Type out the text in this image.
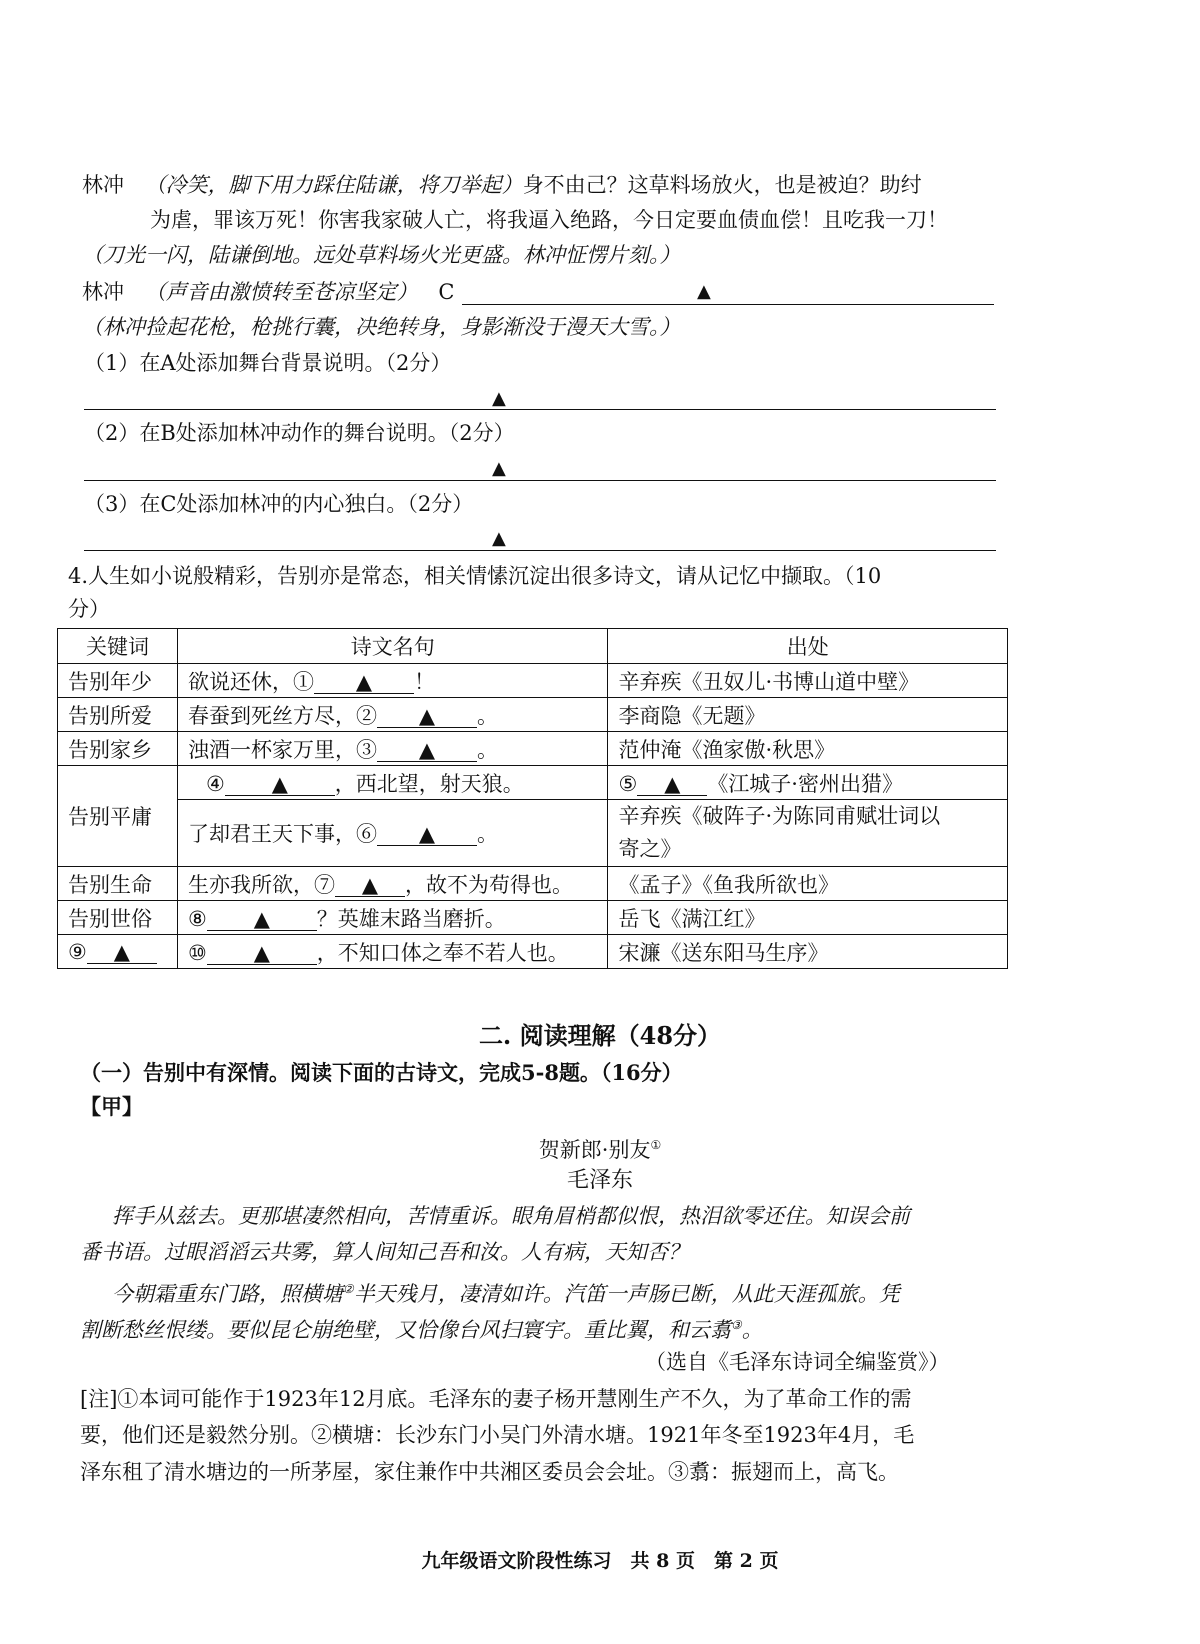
林冲 （冷笑，脚下用力踩住陆谦，将刀举起）身不由己？这草料场放火，也是被迫？助纣
为虐，罪该万死！你害我家破人亡，将我逼入绝路，今日定要血债血偿！且吃我一刀！
（刀光一闪，陆谦倒地。远处草料场火光更盛。林冲怔愣片刻。）
林冲 （声音由激愤转至苍凉坚定） C	▲
（林冲捡起花枪，枪挑行囊，决绝转身，身影渐没于漫天大雪。）
（1）在A处添加舞台背景说明。（2分）
▲
（2）在B处添加林冲动作的舞台说明。（2分）
▲
（3）在C处添加林冲的内心独白。（2分）
▲
4.人生如小说般精彩，告别亦是常态，相关情愫沉淀出很多诗文，请从记忆中撷取。（10
分）
关键词	诗文名句	出处
告别年少	欲说还休，① ▲ ！	辛弃疾《丑奴儿·书博山道中壁》
告别所爱	春蚕到死丝方尽，② ▲ 。	李商隐《无题》
告别家乡	浊酒一杯家万里，③ ▲ 。	范仲淹《渔家傲·秋思》
告别平庸	④ ▲ ，西北望，射天狼。	⑤ ▲ 《江城子·密州出猎》
	了却君王天下事，⑥ ▲ 。	辛弃疾《破阵子·为陈同甫赋壮词以
寄之》
告别生命	生亦我所欲，⑦ ▲ ，故不为苟得也。	《孟子》《鱼我所欲也》
告别世俗	⑧ ▲ ？英雄末路当磨折。	岳飞《满江红》
⑨ ▲	⑩ ▲ ，不知口体之奉不若人也。	宋濂《送东阳马生序》
二. 阅读理解（48分）
（一）告别中有深情。阅读下面的古诗文，完成5-8题。（16分）
【甲】
贺新郎·别友①
毛泽东
挥手从兹去。更那堪凄然相向，苦情重诉。眼角眉梢都似恨，热泪欲零还住。知误会前
番书语。过眼滔滔云共雾，算人间知己吾和汝。人有病，天知否？
今朝霜重东门路，照横塘②半天残月，凄清如许。汽笛一声肠已断，从此天涯孤旅。凭
割断愁丝恨缕。要似昆仑崩绝壁，又恰像台风扫寰宇。重比翼，和云翥③。
（选自《毛泽东诗词全编鉴赏》）
[注]①本词可能作于1923年12月底。毛泽东的妻子杨开慧刚生产不久，为了革命工作的需
要，他们还是毅然分别。②横塘：长沙东门小吴门外清水塘。1921年冬至1923年4月，毛
泽东租了清水塘边的一所茅屋，家住兼作中共湘区委员会会址。③翥：振翅而上，高飞。
九年级语文阶段性练习　共 8 页　第 2 页
